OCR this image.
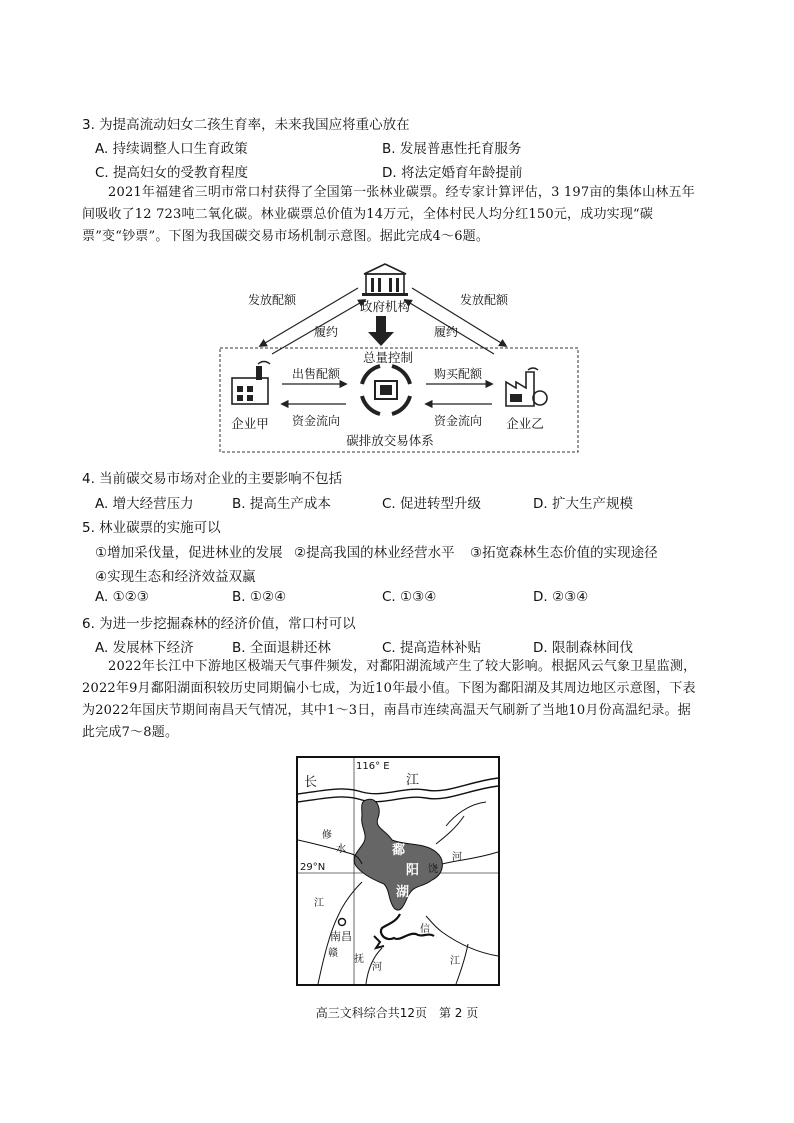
3. 为提高流动妇女二孩生育率，未来我国应将重心放在
A. 持续调整人口生育政策	B. 发展普惠性托育服务
C. 提高妇女的受教育程度	D. 将法定婚育年龄提前
2021年福建省三明市常口村获得了全国第一张林业碳票。经专家计算评估，3 197亩的集体山林五年间吸收了12 723吨二氧化碳。林业碳票总价值为14万元，全体村民人均分红150元，成功实现“碳票”变“钞票”。下图为我国碳交易市场机制示意图。据此完成4～6题。
政府机构
发放配额	发放配额
履约	履约
总量控制
企业甲	企业乙
出售配额	购买配额
资金流向	资金流向
碳排放交易体系
4. 当前碳交易市场对企业的主要影响不包括
A. 增大经营压力	B. 提高生产成本	C. 促进转型升级	D. 扩大生产规模
5. 林业碳票的实施可以
①增加采伐量，促进林业的发展 ②提高我国的林业经营水平 ③拓宽森林生态价值的实现途径
④实现生态和经济效益双赢
A. ①②③	B. ①②④	C. ①③④	D. ②③④
6. 为进一步挖掘森林的经济价值，常口村可以
A. 发展林下经济	B. 全面退耕还林	C. 提高造林补贴	D. 限制森林间伐
2022年长江中下游地区极端天气事件频发，对鄱阳湖流域产生了较大影响。根据风云气象卫星监测，2022年9月鄱阳湖面积较历史同期偏小七成，为近10年最小值。下图为鄱阳湖及其周边地区示意图，下表为2022年国庆节期间南昌天气情况，其中1～3日，南昌市连续高温天气刷新了当地10月份高温纪录。据此完成7～8题。
116° E
29°N
长	江
鄱
阳
湖
修
水
赣
江
南昌
抚
河
信
江
饶
河
高三文科综合共12页　第 2 页
